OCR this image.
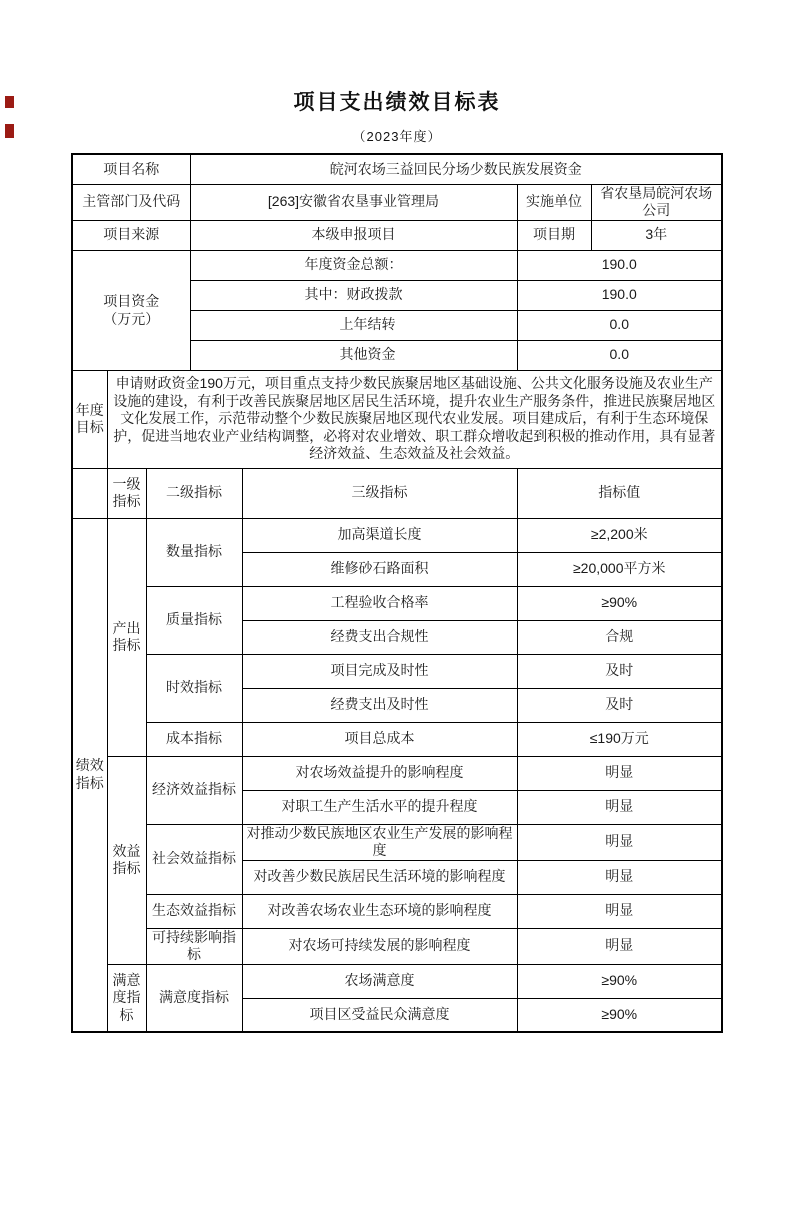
项目支出绩效目标表
（2023年度）
项目名称			皖河农场三益回民分场少数民族发展资金			
主管部门及代码			[263]安徽省农垦事业管理局		实施单位	省农垦局皖河农场公司
项目来源			本级申报项目		项目期	3年

项目资金
（万元）			年度资金总额：		190.0	
			其中：财政拨款		190.0	
			上年结转		0.0	
			其他资金		0.0	
年度目标	申请财政资金190万元，项目重点支持少数民族聚居地区基础设施、公共文化服务设施及农业生产设施的建设，有利于改善民族聚居地区居民生活环境，提升农业生产服务条件，推进民族聚居地区文化发展工作，示范带动整个少数民族聚居地区现代农业发展。项目建成后，有利于生态环境保护，促进当地农业产业结构调整，必将对农业增效、职工群众增收起到积极的推动作用，具有显著经济效益、生态效益及社会效益。					
	一级指标	二级指标		三级指标	指标值	
绩效指标	产出指标	数量指标		加高渠道长度	≥2,200米	
				维修砂石路面积	≥20,000平方米	
		质量指标		工程验收合格率	≥90%	
				经费支出合规性	合规	
		时效指标		项目完成及时性	及时	
				经费支出及时性	及时	
		成本指标		项目总成本	≤190万元	
	效益指标	经济效益指标		对农场效益提升的影响程度	明显	
				对职工生产生活水平的提升程度	明显	
		社会效益指标		对推动少数民族地区农业生产发展的影响程度	明显	
				对改善少数民族居民生活环境的影响程度	明显	
		生态效益指标		对改善农场农业生态环境的影响程度	明显	
		可持续影响指标		对农场可持续发展的影响程度	明显	
	满意度指标	满意度指标		农场满意度	≥90%	
				项目区受益民众满意度	≥90%	
